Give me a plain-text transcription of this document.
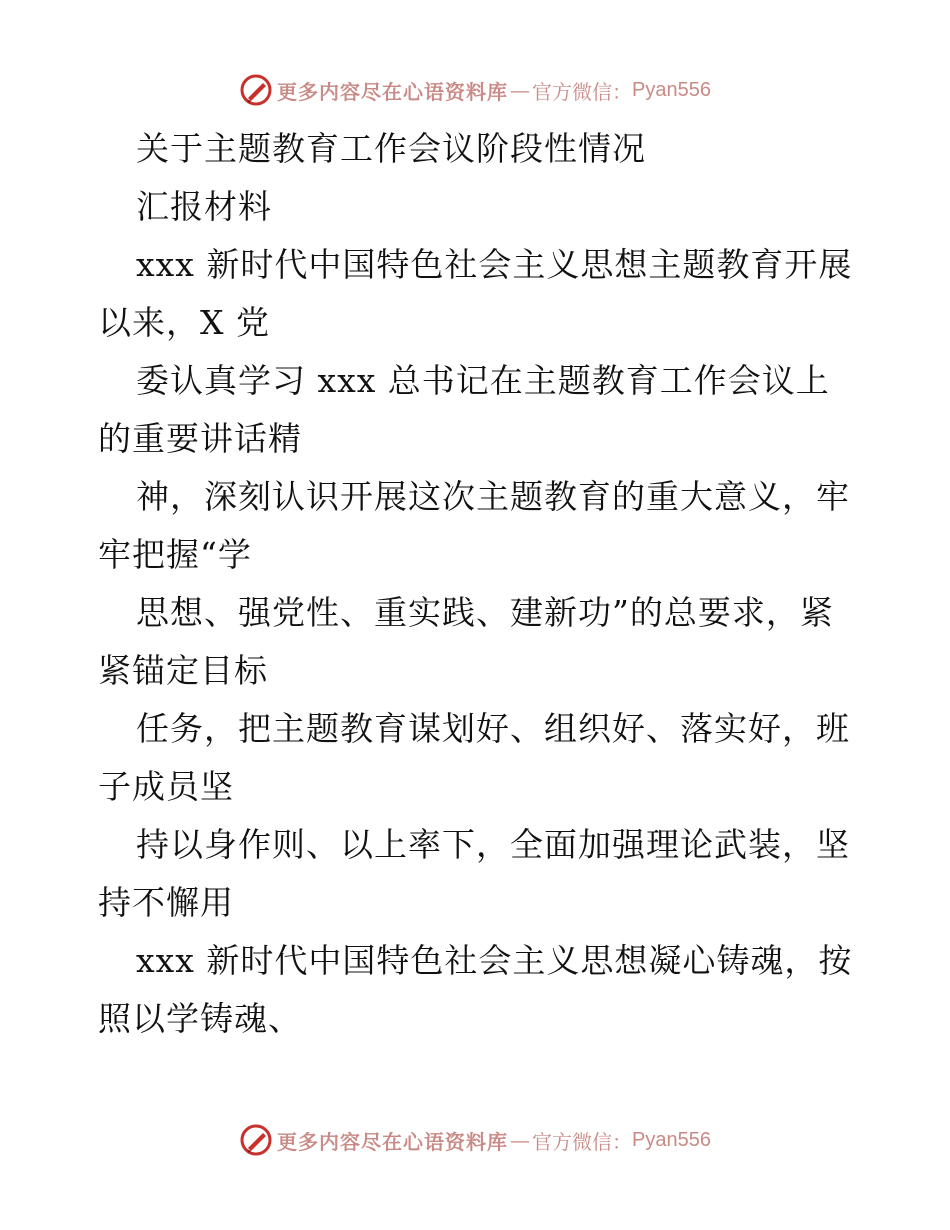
更多内容尽在心语资料库 — 官方微信： Pyan556
关于主题教育工作会议阶段性情况
汇报材料
xxx 新时代中国特色社会主义思想主题教育开展
以来，X 党
委认真学习 xxx 总书记在主题教育工作会议上
的重要讲话精
神，深刻认识开展这次主题教育的重大意义，牢
牢把握“学
思想、强党性、重实践、建新功”的总要求，紧
紧锚定目标
任务，把主题教育谋划好、组织好、落实好，班
子成员坚
持以身作则、以上率下，全面加强理论武装，坚
持不懈用
xxx 新时代中国特色社会主义思想凝心铸魂，按
照以学铸魂、
更多内容尽在心语资料库 — 官方微信： Pyan556
